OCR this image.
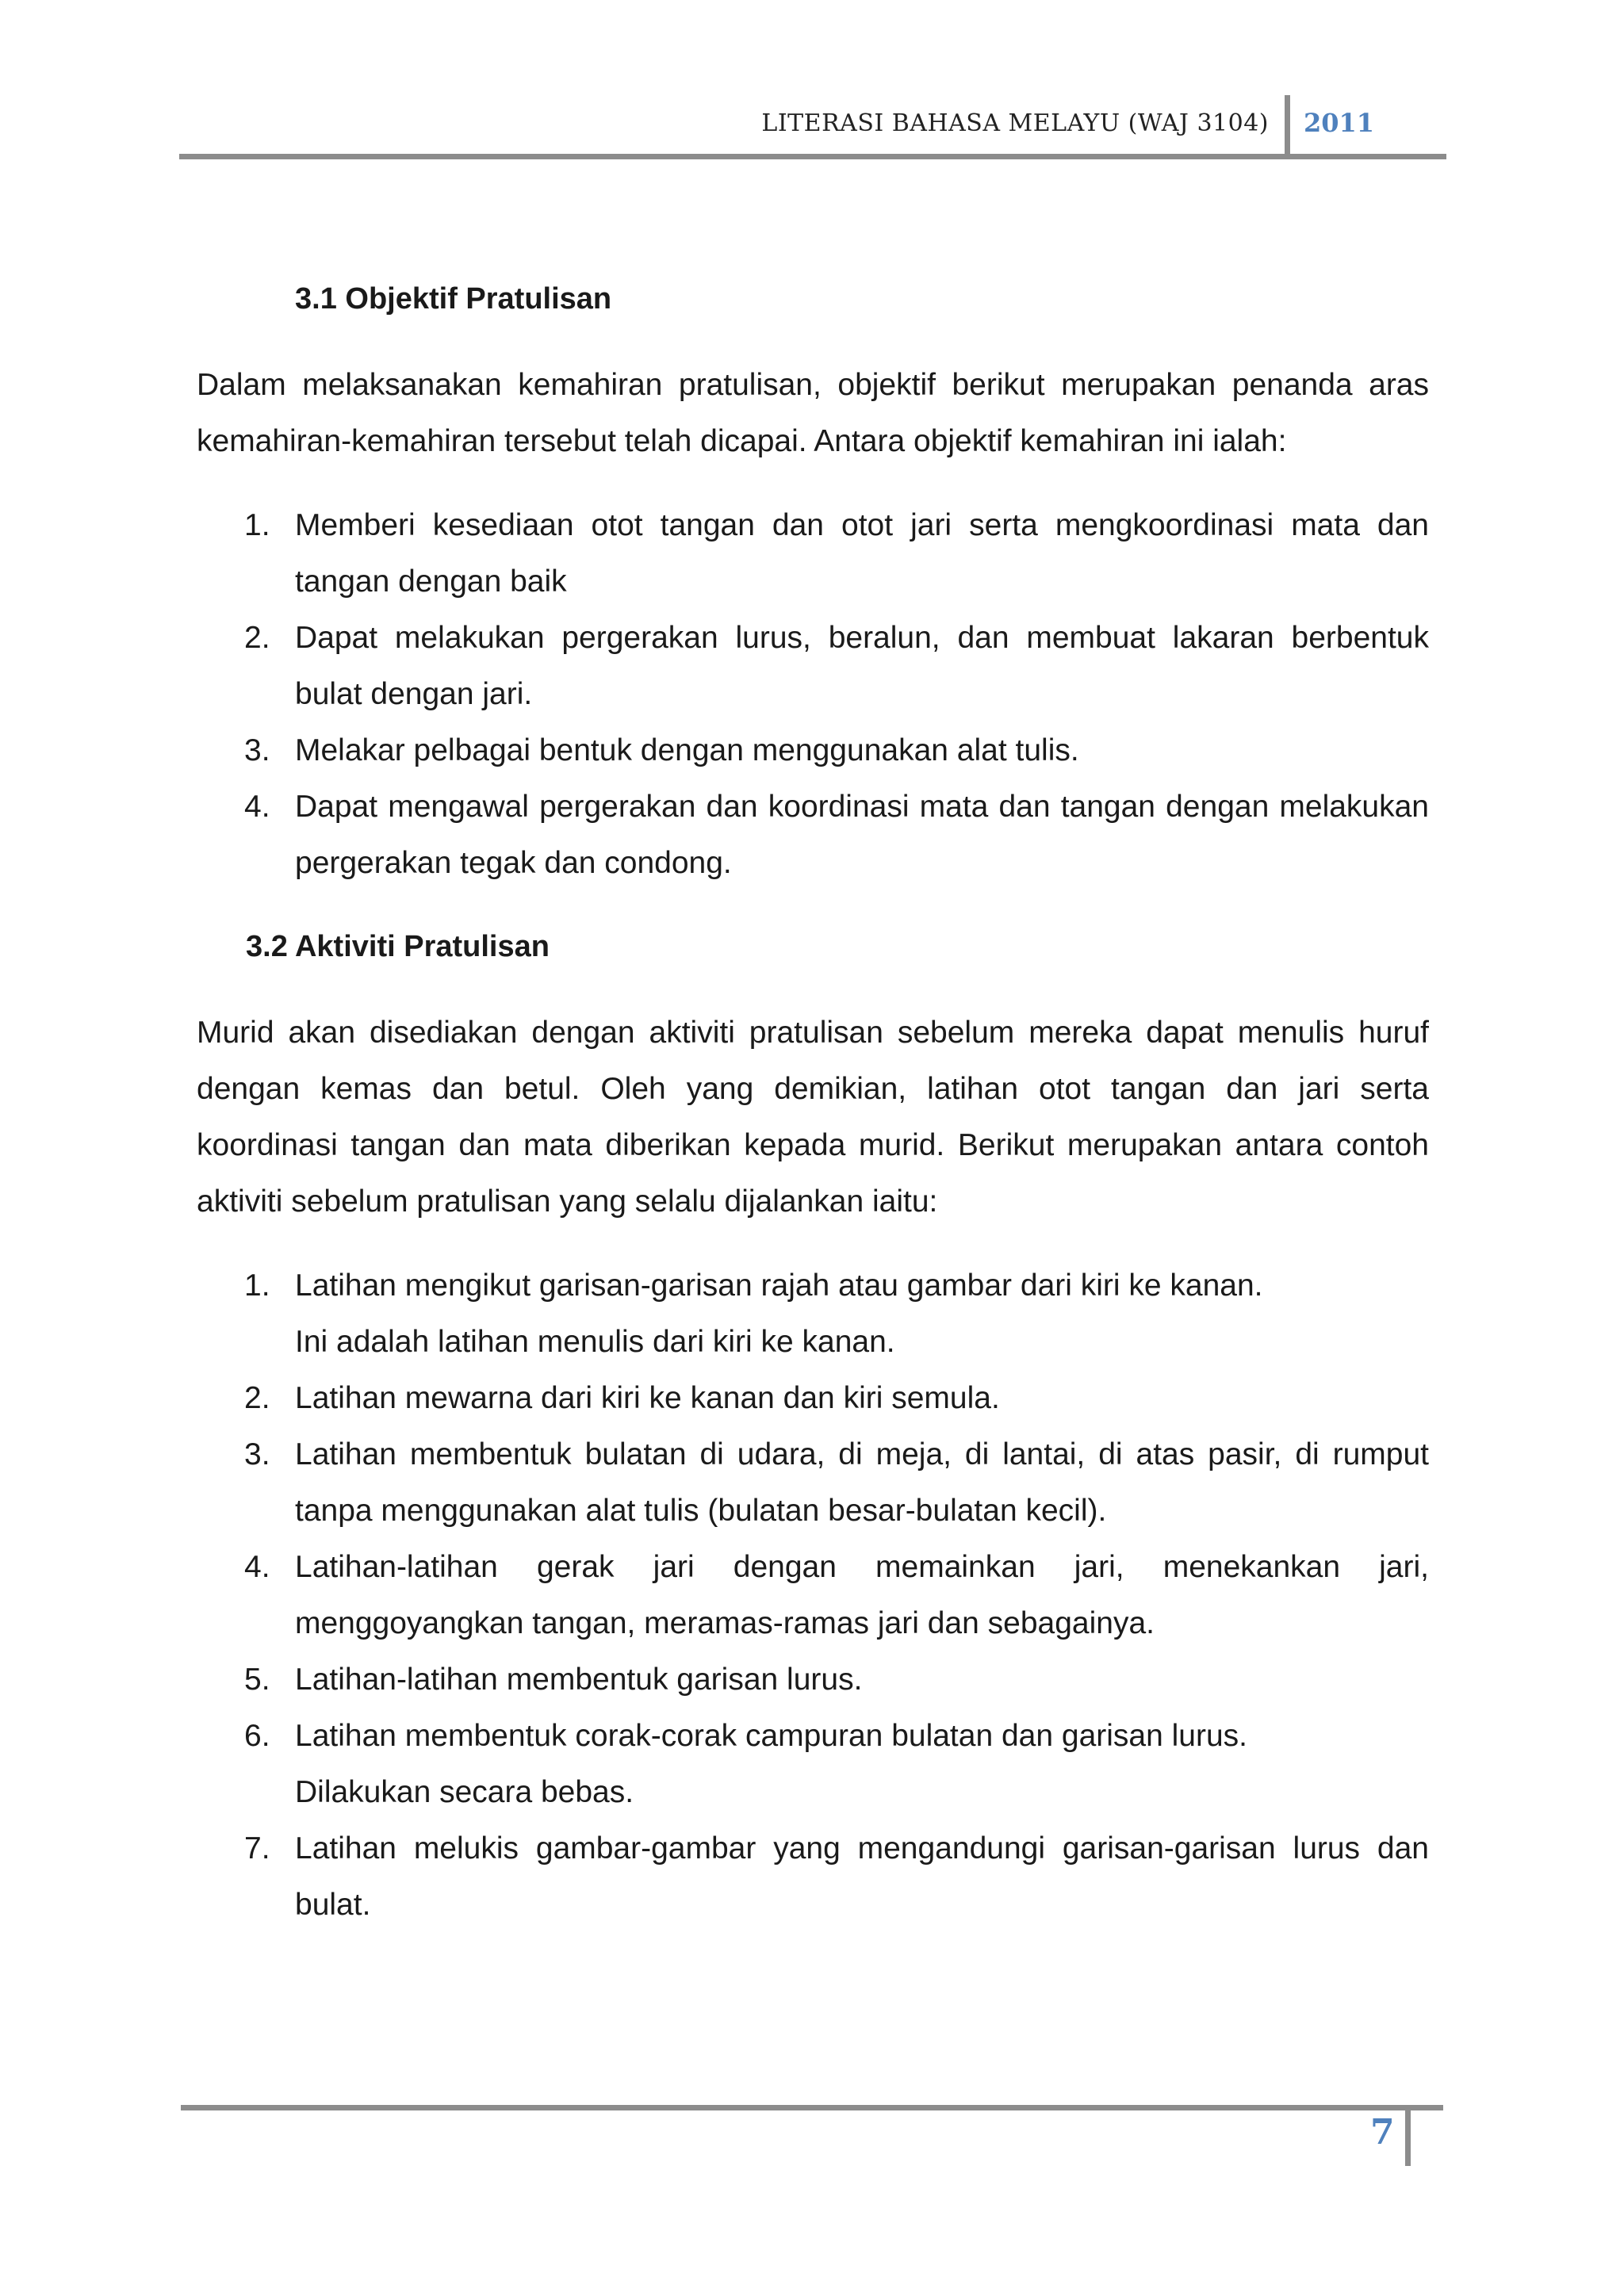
LITERASI BAHASA MELAYU (WAJ 3104) 2011
3.1 Objektif Pratulisan
Dalam melaksanakan kemahiran pratulisan, objektif berikut merupakan penanda aras kemahiran-kemahiran tersebut telah dicapai. Antara objektif kemahiran ini ialah:
1. Memberi kesediaan otot tangan dan otot jari serta mengkoordinasi mata dan tangan dengan baik
2. Dapat melakukan pergerakan lurus, beralun, dan membuat lakaran berbentuk bulat dengan jari.
3. Melakar pelbagai bentuk dengan menggunakan alat tulis.
4. Dapat mengawal pergerakan dan koordinasi mata dan tangan dengan melakukan pergerakan tegak dan condong.
3.2 Aktiviti Pratulisan
Murid akan disediakan dengan aktiviti pratulisan sebelum mereka dapat menulis huruf dengan kemas dan betul. Oleh yang demikian, latihan otot tangan dan jari serta koordinasi tangan dan mata diberikan kepada murid. Berikut merupakan antara contoh aktiviti sebelum pratulisan yang selalu dijalankan iaitu:
1. Latihan mengikut garisan-garisan rajah atau gambar dari kiri ke kanan.
Ini adalah latihan menulis dari kiri ke kanan.
2. Latihan mewarna dari kiri ke kanan dan kiri semula.
3. Latihan membentuk bulatan di udara, di meja, di lantai, di atas pasir, di rumput tanpa menggunakan alat tulis (bulatan besar-bulatan kecil).
4. Latihan-latihan gerak jari dengan memainkan jari, menekankan jari, menggoyangkan tangan, meramas-ramas jari dan sebagainya.
5. Latihan-latihan membentuk garisan lurus.
6. Latihan membentuk corak-corak campuran bulatan dan garisan lurus.
Dilakukan secara bebas.
7. Latihan melukis gambar-gambar yang mengandungi garisan-garisan lurus dan bulat.
7
